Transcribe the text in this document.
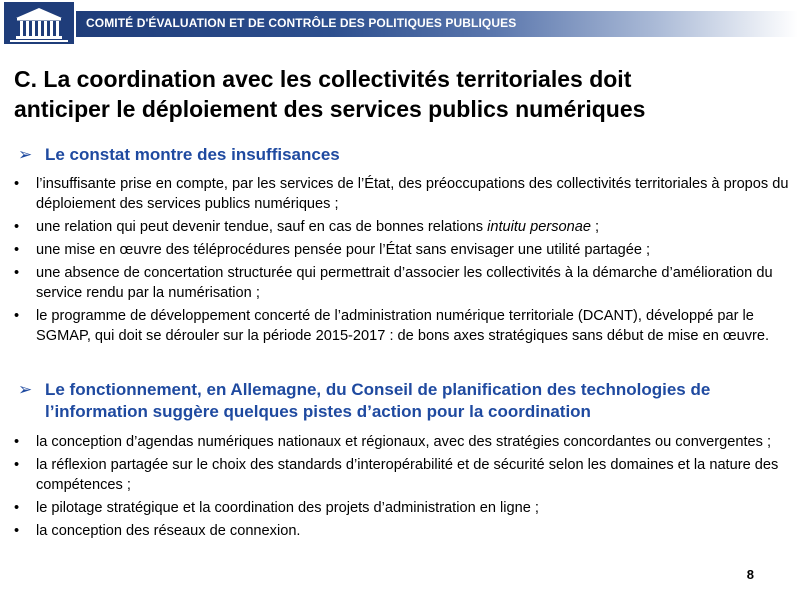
COMITÉ D'ÉVALUATION ET DE CONTRÔLE DES POLITIQUES PUBLIQUES
C. La coordination avec les collectivités territoriales doit
anticiper le déploiement des services publics numériques
➢ Le constat montre des insuffisances
• l’insuffisante prise en compte, par les services de l’État, des préoccupations des collectivités territoriales à propos du déploiement des services publics numériques ;
• une relation qui peut devenir tendue, sauf en cas de bonnes relations intuitu personae ;
• une mise en œuvre des téléprocédures pensée pour l’État sans envisager une utilité partagée ;
• une absence de concertation structurée qui permettrait d’associer les collectivités à la démarche d’amélioration du service rendu par la numérisation ;
• le programme de développement concerté de l’administration numérique territoriale (DCANT), développé par le SGMAP, qui doit se dérouler sur la période 2015-2017 : de bons axes stratégiques sans début de mise en œuvre.
➢ Le fonctionnement, en Allemagne, du Conseil de planification des technologies de l’information suggère quelques pistes d’action pour la coordination
• la conception d’agendas numériques nationaux et régionaux, avec des stratégies concordantes ou convergentes ;
• la réflexion partagée sur le choix des standards d’interopérabilité et de sécurité selon les domaines et la nature des compétences ;
• le pilotage stratégique et la coordination des projets d’administration en ligne ;
• la conception des réseaux de connexion.
8
